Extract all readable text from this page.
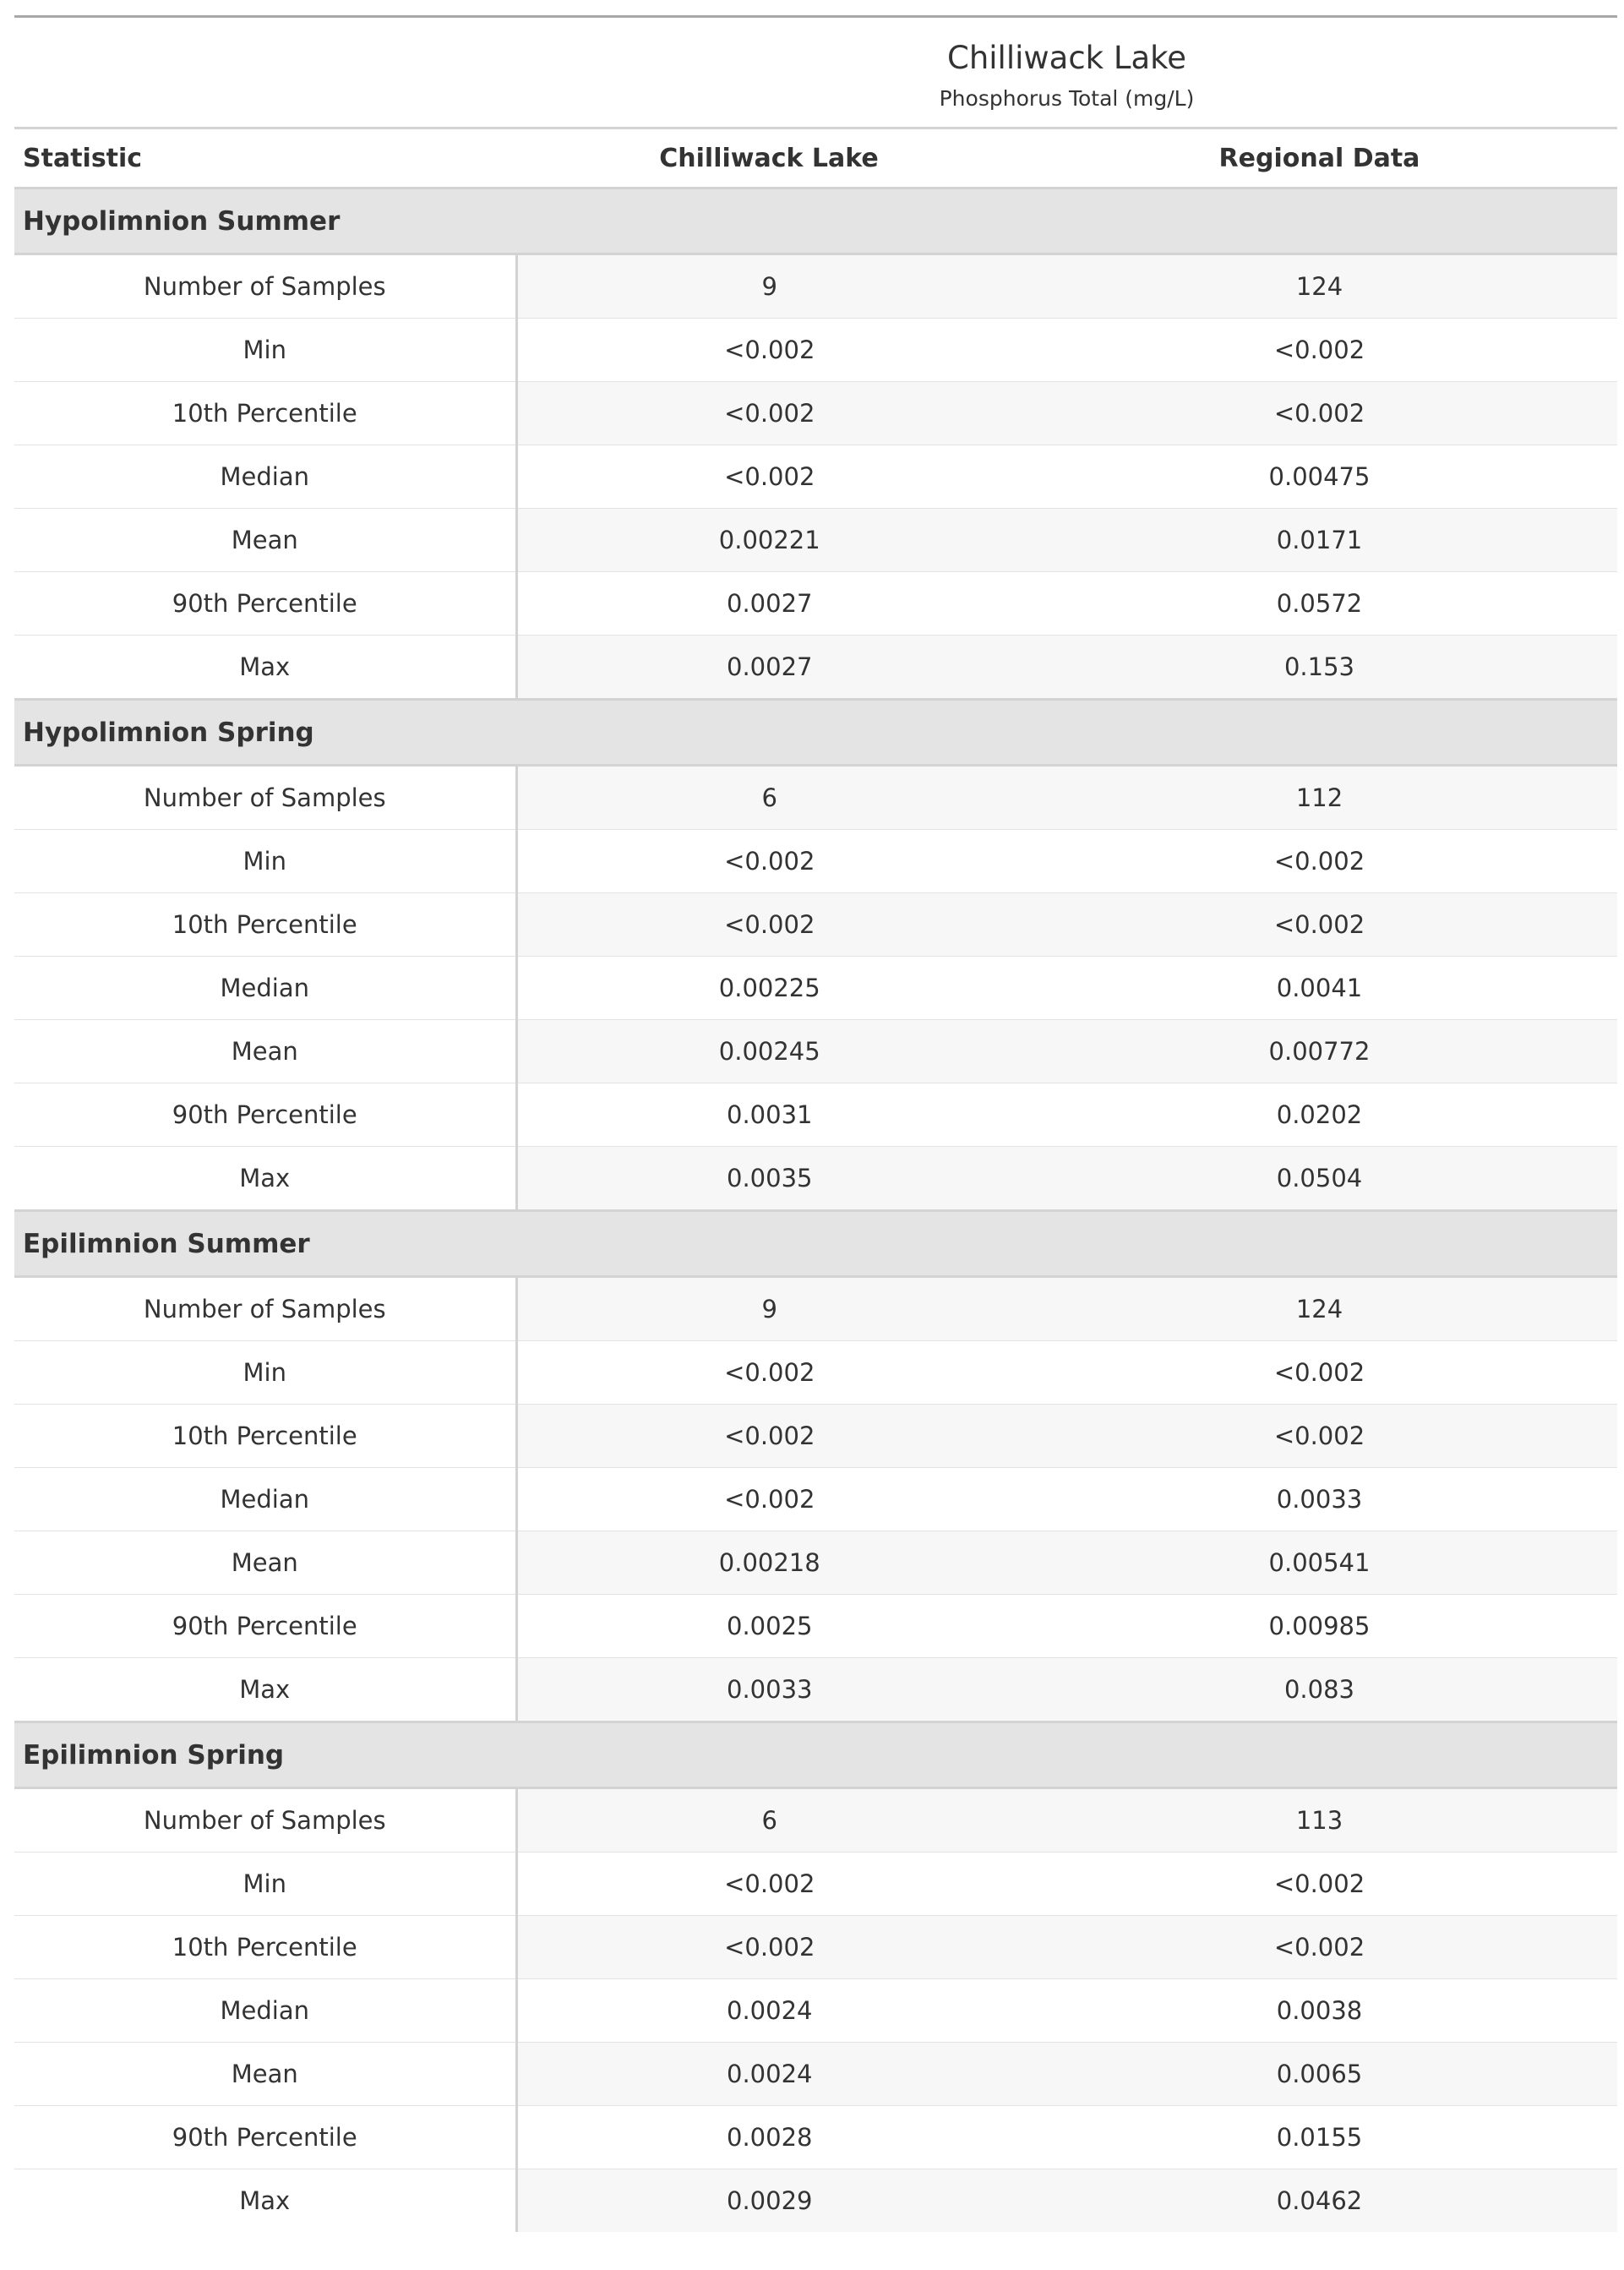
	Chilliwack Lake	

	Phosphorus Total (mg/L)	

Statistic	Chilliwack Lake	Regional Data
Hypolimnion Summer		
Number of Samples	9	124
Min	<0.002	<0.002
10th Percentile	<0.002	<0.002
Median	<0.002	0.00475
Mean	0.00221	0.0171
90th Percentile	0.0027	0.0572
Max	0.0027	0.153
Hypolimnion Spring		
Number of Samples	6	112
Min	<0.002	<0.002
10th Percentile	<0.002	<0.002
Median	0.00225	0.0041
Mean	0.00245	0.00772
90th Percentile	0.0031	0.0202
Max	0.0035	0.0504
Epilimnion Summer		
Number of Samples	9	124
Min	<0.002	<0.002
10th Percentile	<0.002	<0.002
Median	<0.002	0.0033
Mean	0.00218	0.00541
90th Percentile	0.0025	0.00985
Max	0.0033	0.083
Epilimnion Spring		
Number of Samples	6	113
Min	<0.002	<0.002
10th Percentile	<0.002	<0.002
Median	0.0024	0.0038
Mean	0.0024	0.0065
90th Percentile	0.0028	0.0155
Max	0.0029	0.0462
